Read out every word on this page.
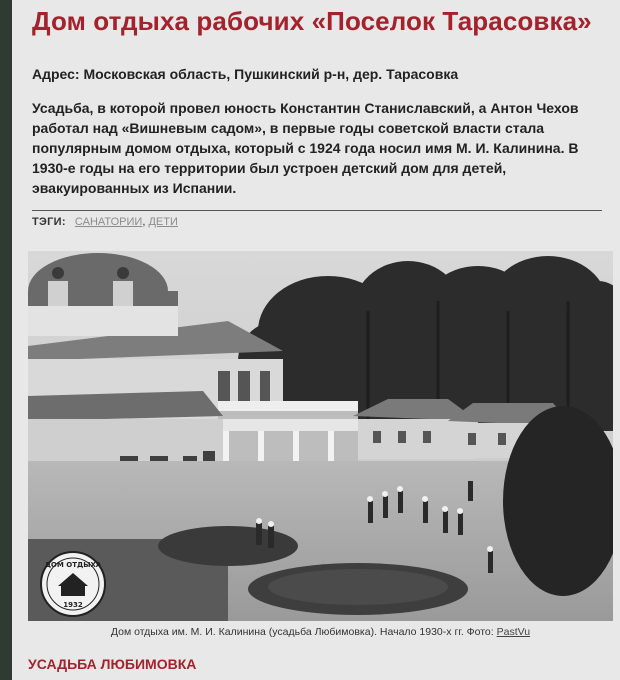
Дом отдыха рабочих «Поселок Тарасовка»
Адрес: Московская область, Пушкинский р-н, дер. Тарасовка
Усадьба, в которой провел юность Константин Станиславский, а Антон Чехов работал над «Вишневым садом», в первые годы советской власти стала популярным домом отдыха, который с 1924 года носил имя М. И. Калинина. В 1930-е годы на его территории был устроен детский дом для детей, эвакуированных из Испании.
ТЭГИ: САНАТОРИИ, ДЕТИ
ДОМ ОТДЫХА
1932
Дом отдыха им. М. И. Калинина (усадьба Любимовка). Начало 1930-х гг. Фото: PastVu
УСАДЬБА ЛЮБИМОВКА
